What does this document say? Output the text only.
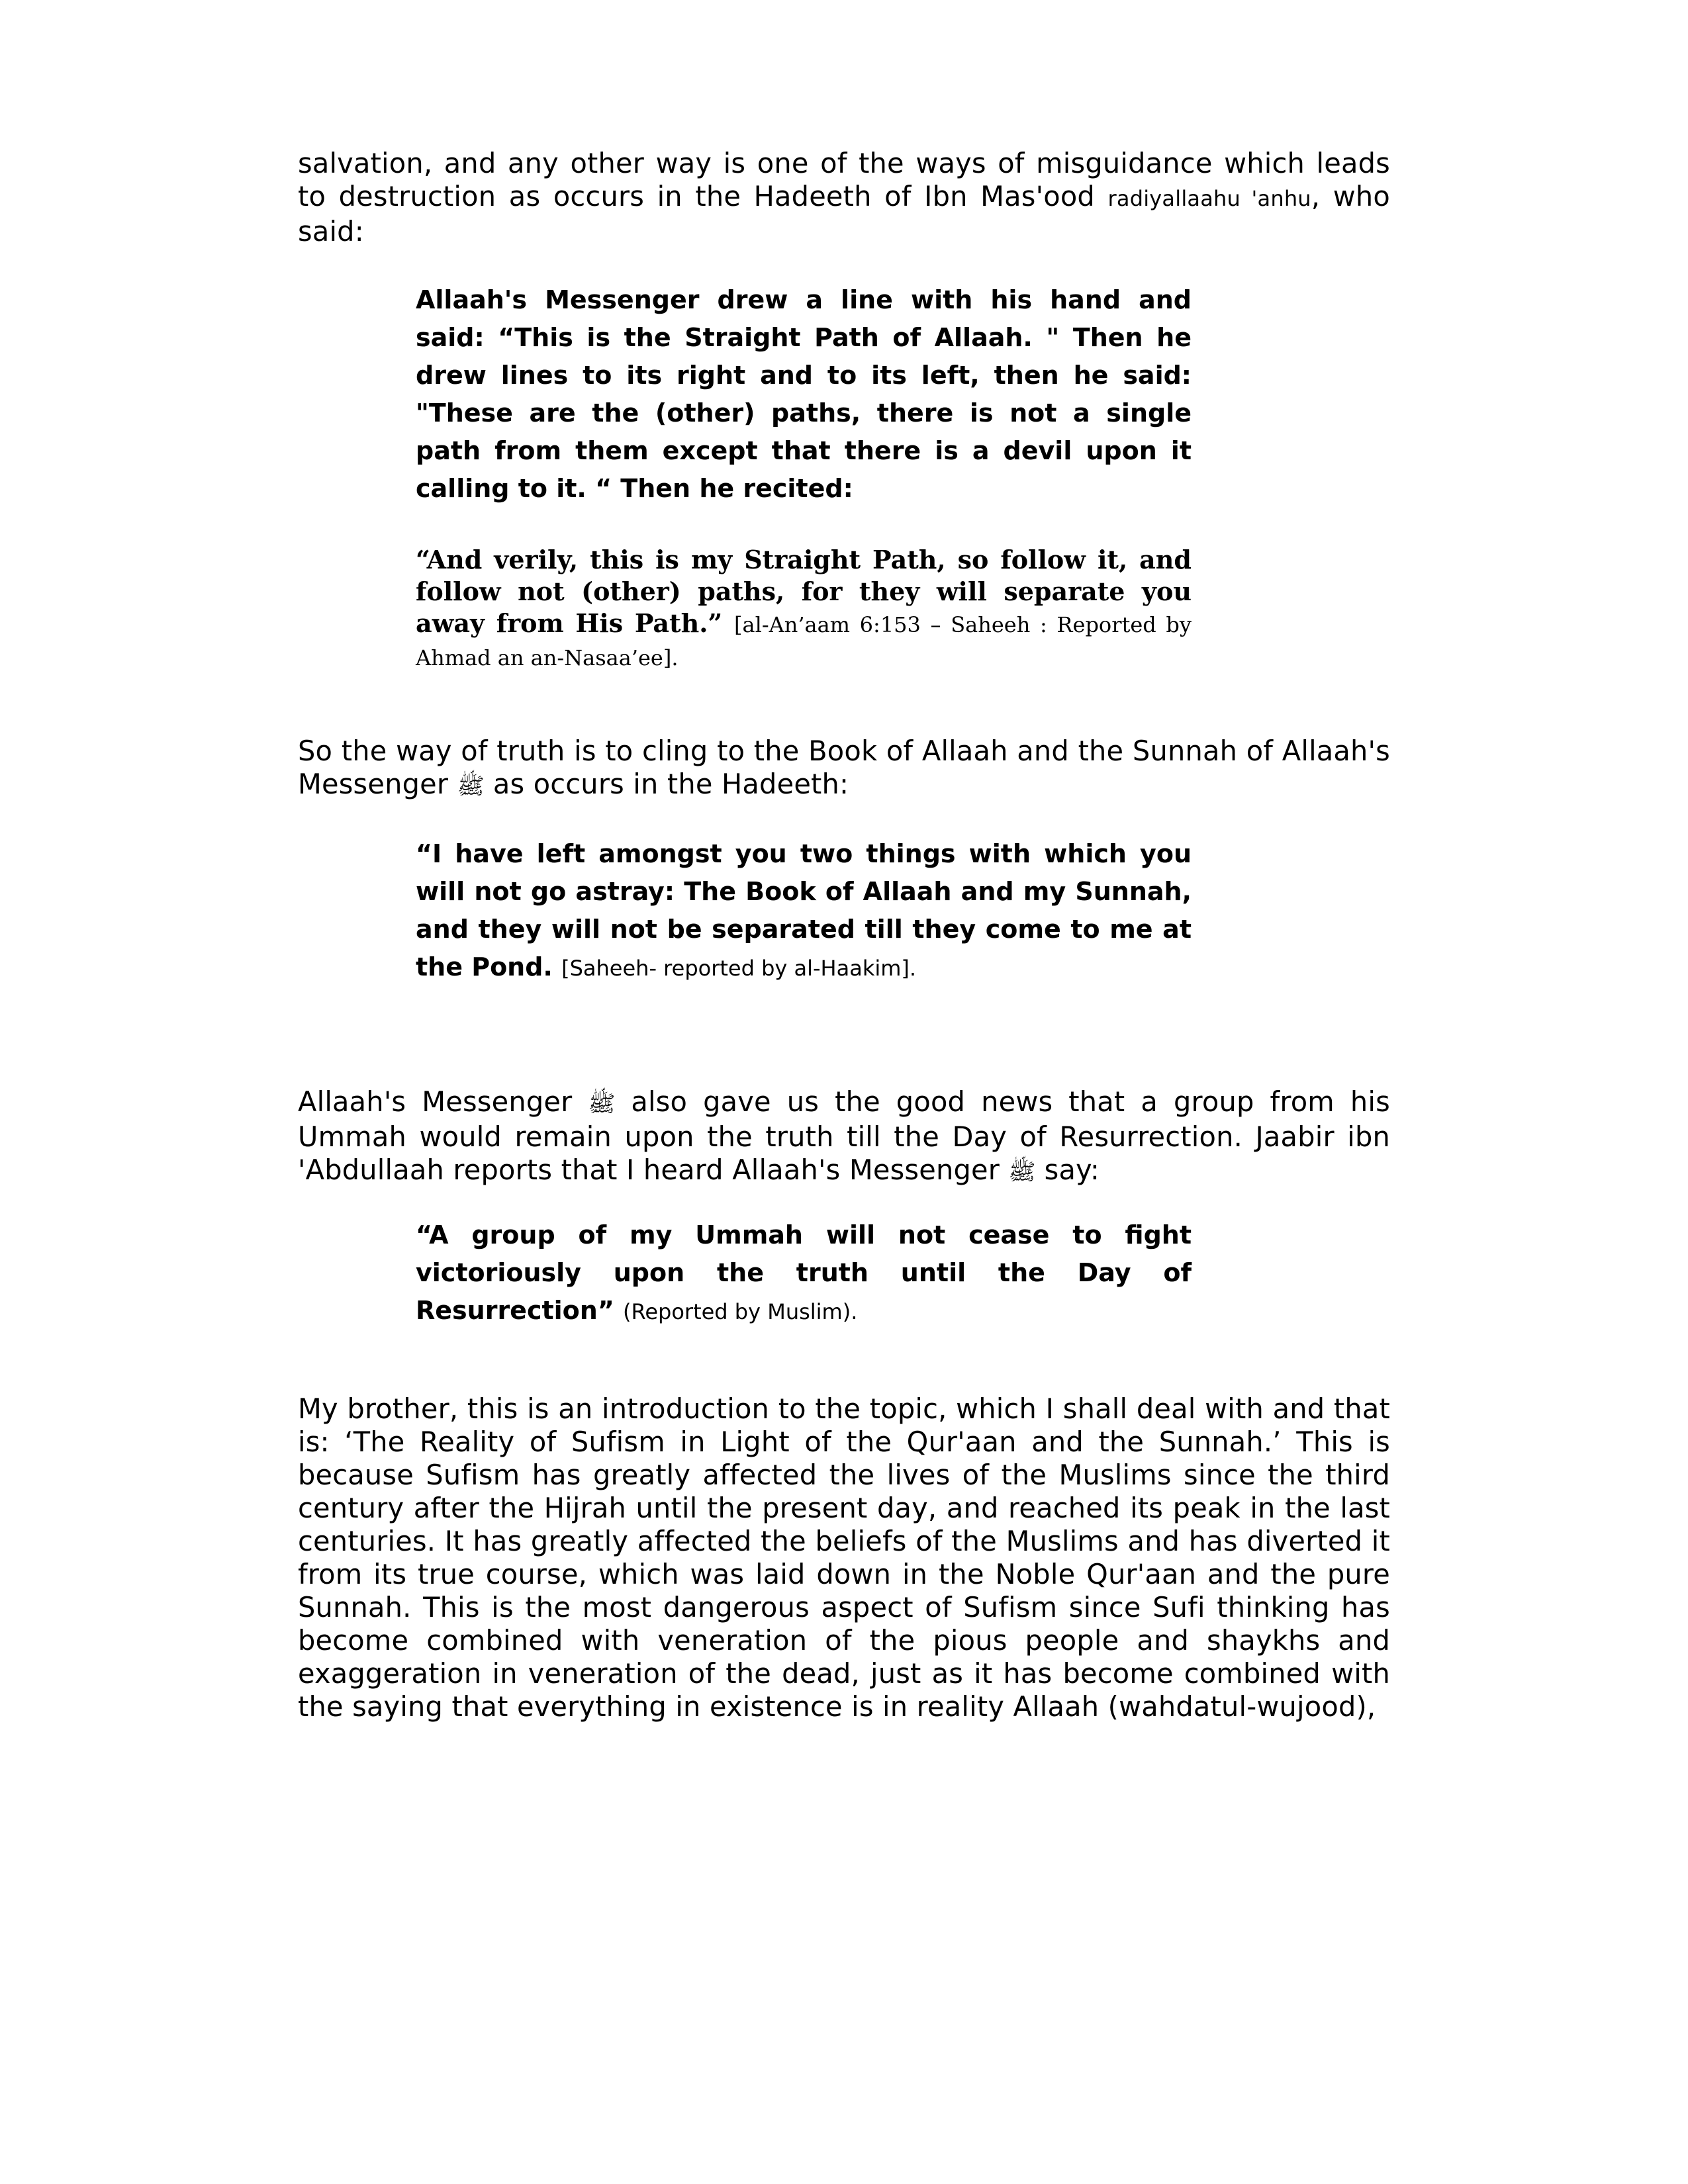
salvation, and any other way is one of the ways of misguidance which leads to destruction as occurs in the Hadeeth of Ibn Mas'ood radiyallaahu 'anhu, who said:

Allaah's Messenger drew a line with his hand and said: “This is the Straight Path of Allaah. " Then he drew lines to its right and to its left, then he said: "These are the (other) paths, there is not a single path from them except that there is a devil upon it calling to it. “ Then he recited:

“And verily, this is my Straight Path, so follow it, and follow not (other) paths, for they will separate you away from His Path.” [al-An’aam 6:153 – Saheeh : Reported by Ahmad an an-Nasaa’ee].

So the way of truth is to cling to the Book of Allaah and the Sunnah of Allaah's Messenger ﷺ as occurs in the Hadeeth:

“I have left amongst you two things with which you will not go astray: The Book of Allaah and my Sunnah, and they will not be separated till they come to me at the Pond. [Saheeh- reported by al-Haakim].

Allaah's Messenger ﷺ also gave us the good news that a group from his Ummah would remain upon the truth till the Day of Resurrection. Jaabir ibn 'Abdullaah reports that I heard Allaah's Messenger ﷺ say:

“A group of my Ummah will not cease to fight victoriously upon the truth until the Day of Resurrection” (Reported by Muslim).

My brother, this is an introduction to the topic, which I shall deal with and that is: ‘The Reality of Sufism in Light of the Qur'aan and the Sunnah.’ This is because Sufism has greatly affected the lives of the Muslims since the third century after the Hijrah until the present day, and reached its peak in the last centuries. It has greatly affected the beliefs of the Muslims and has diverted it from its true course, which was laid down in the Noble Qur'aan and the pure Sunnah. This is the most dangerous aspect of Sufism since Sufi thinking has become combined with veneration of the pious people and shaykhs and exaggeration in veneration of the dead, just as it has become combined with the saying that everything in existence is in reality Allaah (wahdatul-wujood),
